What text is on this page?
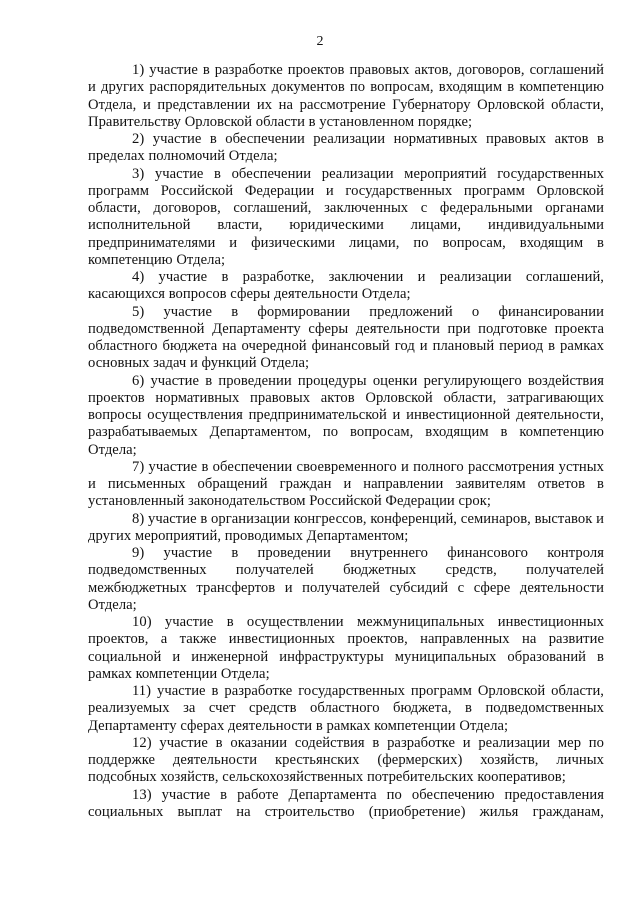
2

1) участие в разработке проектов правовых актов, договоров, соглашений и других распорядительных документов по вопросам, входящим в компетенцию Отдела, и представлении их на рассмотрение Губернатору Орловской области, Правительству Орловской области в установленном порядке;

2) участие в обеспечении реализации нормативных правовых актов в пределах полномочий Отдела;

3) участие в обеспечении реализации мероприятий государственных программ Российской Федерации и государственных программ Орловской области, договоров, соглашений, заключенных с федеральными органами исполнительной власти, юридическими лицами, индивидуальными предпринимателями и физическими лицами, по вопросам, входящим в компетенцию Отдела;

4) участие в разработке, заключении и реализации соглашений, касающихся вопросов сферы деятельности Отдела;

5) участие в формировании предложений о финансировании подведомственной Департаменту сферы деятельности при подготовке проекта областного бюджета на очередной финансовый год и плановый период в рамках основных задач и функций Отдела;

6) участие в проведении процедуры оценки регулирующего воздействия проектов нормативных правовых актов Орловской области, затрагивающих вопросы осуществления предпринимательской и инвестиционной деятельности, разрабатываемых Департаментом, по вопросам, входящим в компетенцию Отдела;

7) участие в обеспечении своевременного и полного рассмотрения устных и письменных обращений граждан и направлении заявителям ответов в установленный законодательством Российской Федерации срок;

8) участие в организации конгрессов, конференций, семинаров, выставок и других мероприятий, проводимых Департаментом;

9) участие в проведении внутреннего финансового контроля подведомственных получателей бюджетных средств, получателей межбюджетных трансфертов и получателей субсидий с сфере деятельности Отдела;

10) участие в осуществлении межмуниципальных инвестиционных проектов, а также инвестиционных проектов, направленных на развитие социальной и инженерной инфраструктуры муниципальных образований в рамках компетенции Отдела;

11) участие в разработке государственных программ Орловской области, реализуемых за счет средств областного бюджета, в подведомственных Департаменту сферах деятельности в рамках компетенции Отдела;

12) участие в оказании содействия в разработке и реализации мер по поддержке деятельности крестьянских (фермерских) хозяйств, личных подсобных хозяйств, сельскохозяйственных потребительских кооперативов;

13) участие в работе Департамента по обеспечению предоставления социальных выплат на строительство (приобретение) жилья гражданам,
